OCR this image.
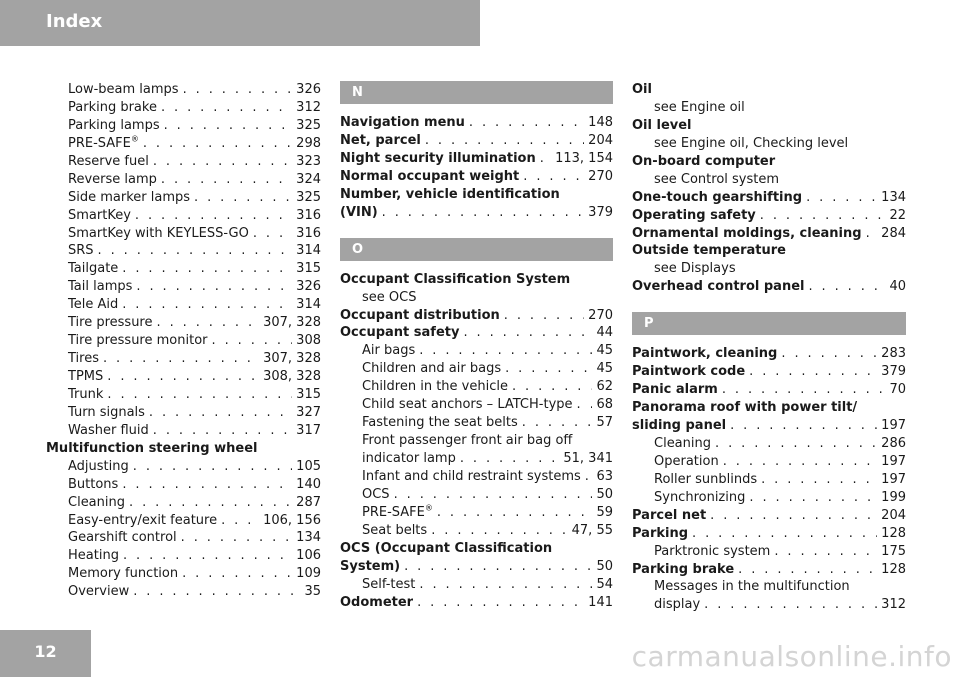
Index
Low-beam lamps . . .	326
Parking brake . . .	312
Parking lamps . . .	325
PRE-SAFE® . . .	298
Reserve fuel . . .	323
Reverse lamp . . .	324
Side marker lamps . . .	325
SmartKey . . .	316
SmartKey with KEYLESS-GO . . .	316
SRS . . .	314
Tailgate . . .	315
Tail lamps . . .	326
Tele Aid . . .	314
Tire pressure . . .	307, 328
Tire pressure monitor . . .	308
Tires . . .	307, 328
TPMS . . .	308, 328
Trunk . . .	315
Turn signals . . .	327
Washer fluid . . .	317
Multifunction steering wheel
Adjusting . . .	105
Buttons . . .	140
Cleaning . . .	287
Easy-entry/exit feature . . .	106, 156
Gearshift control . . .	134
Heating . . .	106
Memory function . . .	109
Overview . . .	35
N
Navigation menu . . .	148
Net, parcel . . .	204
Night security illumination . . . 113, 154
Normal occupant weight . . .	270
Number, vehicle identification
(VIN) . . .	379
O
Occupant Classification System
see OCS
Occupant distribution . . .	270
Occupant safety . . .	44
Air bags . . .	45
Children and air bags . . .	45
Children in the vehicle . . .	62
Child seat anchors – LATCH-type . . . 68
Fastening the seat belts . . .	57
Front passenger front air bag off
indicator lamp . . .	51, 341
Infant and child restraint systems . . . 63
OCS . . .	50
PRE-SAFE® . . .	59
Seat belts . . .	47, 55
OCS (Occupant Classification
System) . . .	50
Self-test . . .	54
Odometer . . .	141
Oil
see Engine oil
Oil level
see Engine oil, Checking level
On-board computer
see Control system
One-touch gearshifting . . .	134
Operating safety . . .	22
Ornamental moldings, cleaning . . . 284
Outside temperature
see Displays
Overhead control panel . . .	40
P
Paintwork, cleaning . . .	283
Paintwork code . . .	379
Panic alarm . . .	70
Panorama roof with power tilt/
sliding panel . . .	197
Cleaning . . .	286
Operation . . .	197
Roller sunblinds . . .	197
Synchronizing . . .	199
Parcel net . . .	204
Parking . . .	128
Parktronic system . . .	175
Parking brake . . .	128
Messages in the multifunction
display . . .	312
12	carmanualsonline.info
